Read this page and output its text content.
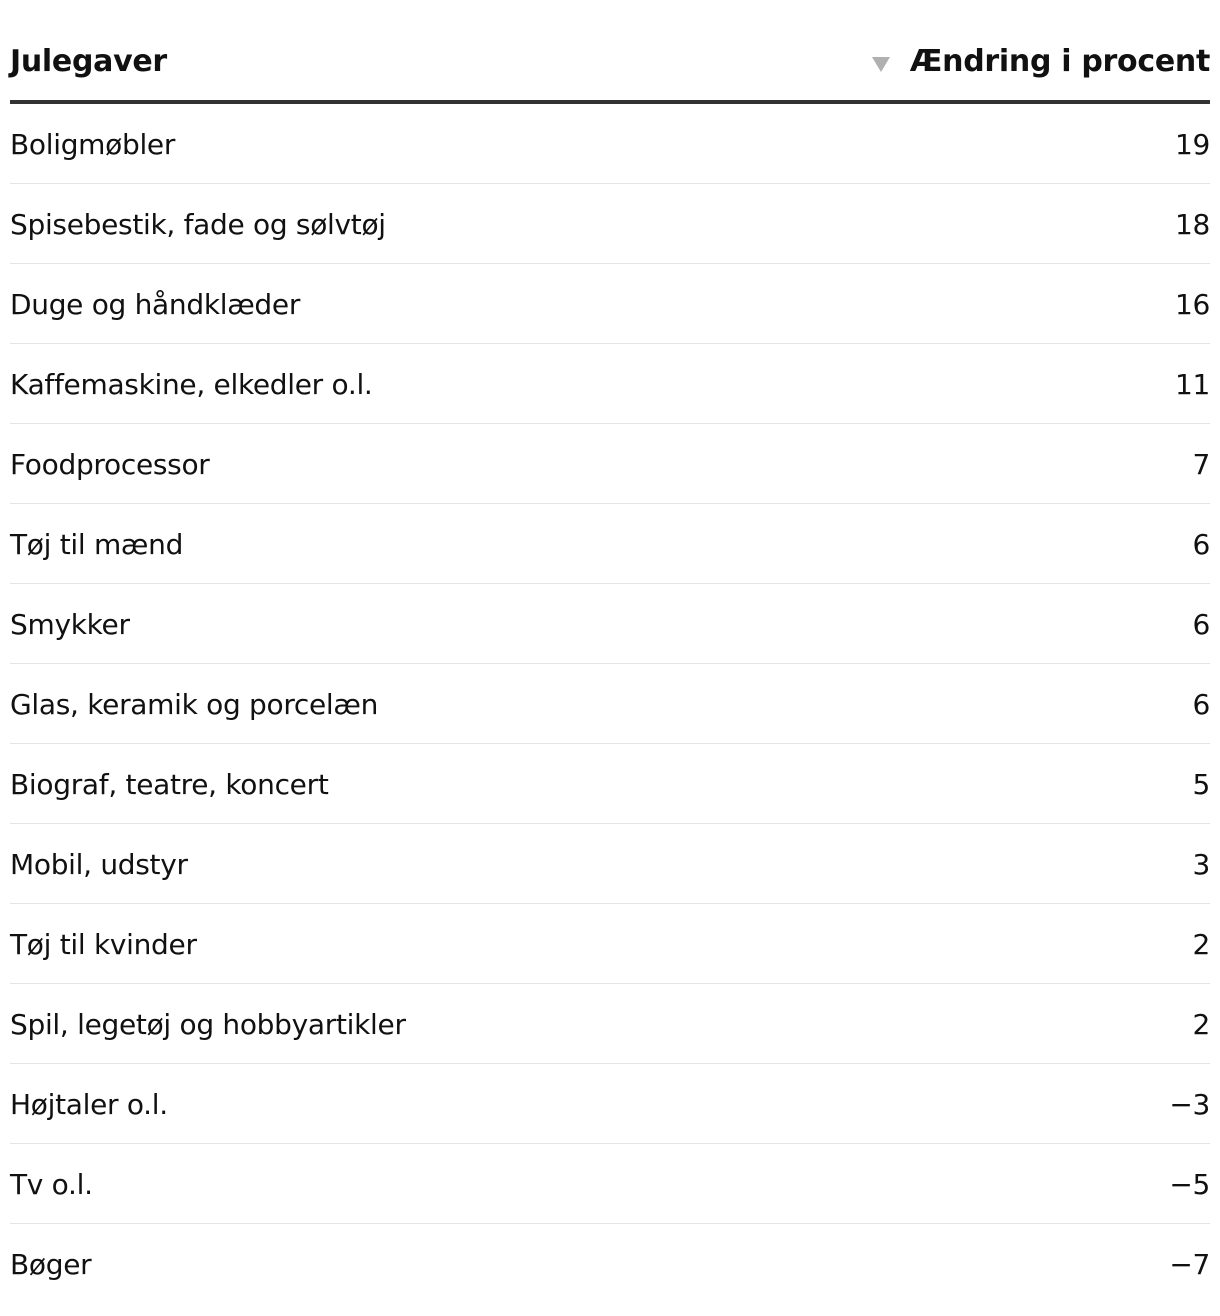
Julegaver	Ændring i procent
Boligmøbler	19
Spisebestik, fade og sølvtøj	18
Duge og håndklæder	16
Kaffemaskine, elkedler o.l.	11
Foodprocessor	7
Tøj til mænd	6
Smykker	6
Glas, keramik og porcelæn	6
Biograf, teatre, koncert	5
Mobil, udstyr	3
Tøj til kvinder	2
Spil, legetøj og hobbyartikler	2
Højtaler o.l.	−3
Tv o.l.	−5
Bøger	−7
